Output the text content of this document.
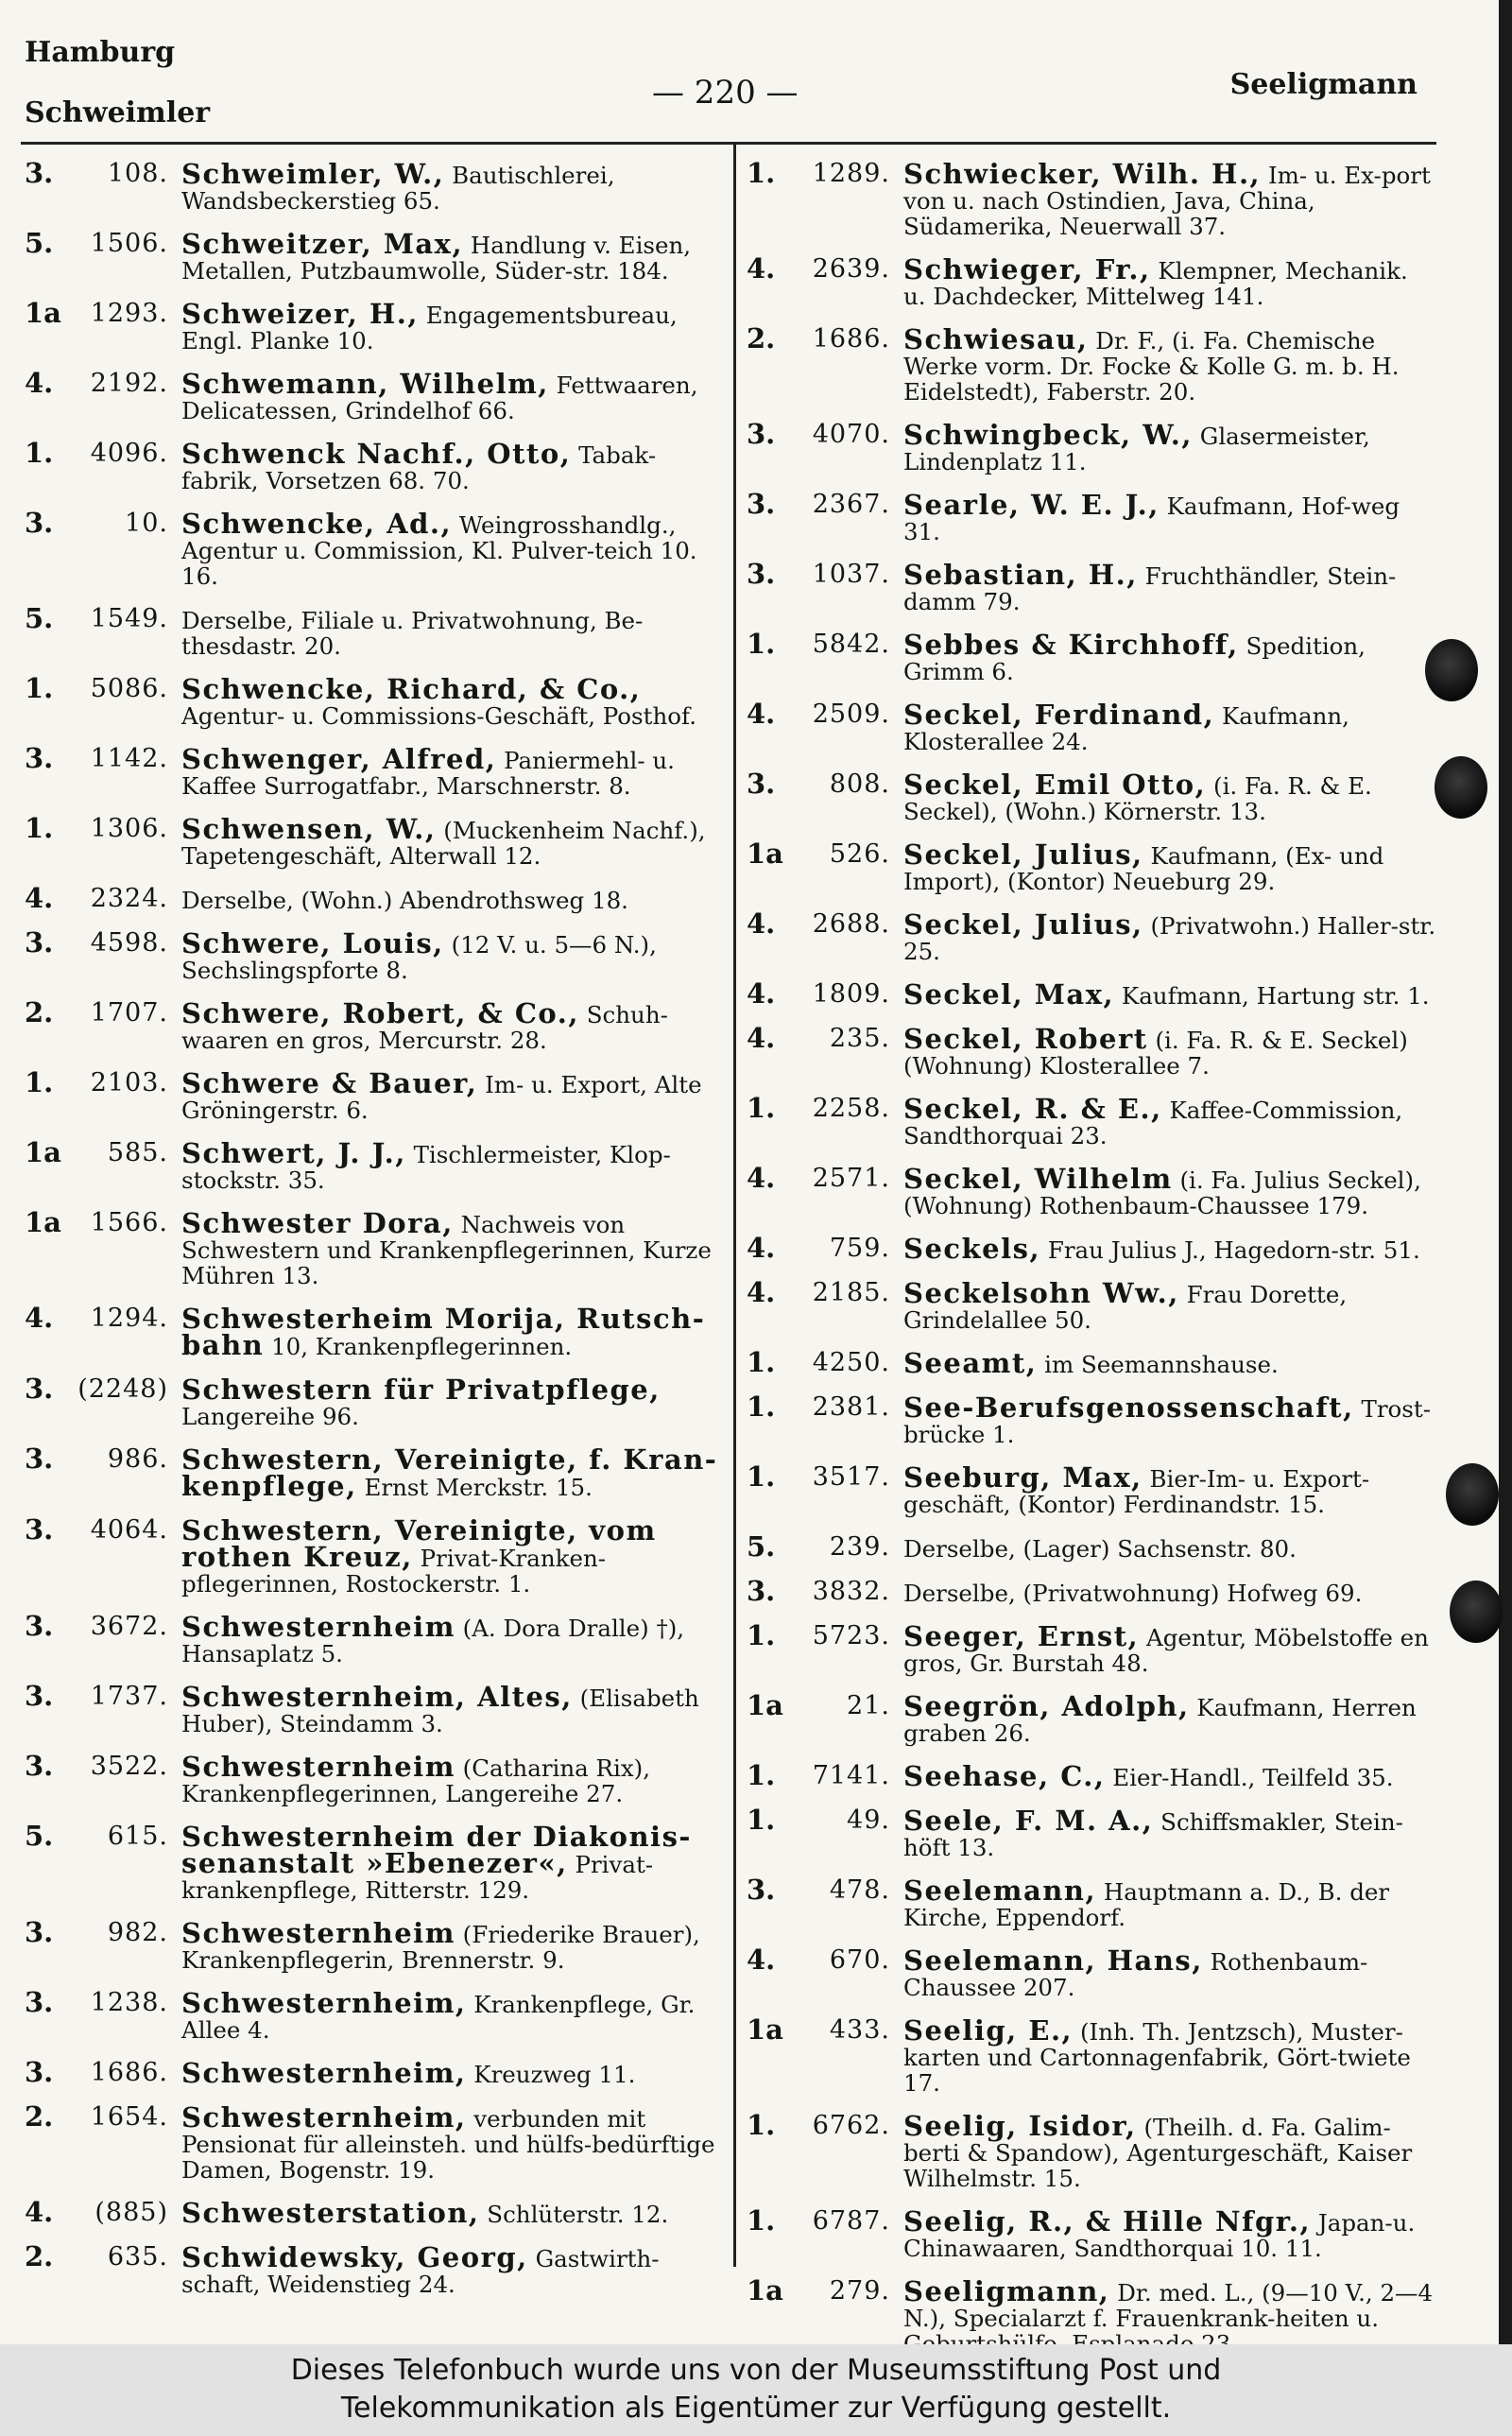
Hamburg
Schweimler
— 220 —	Seeligmann
3.	108. Schweimler, W., Bautischlerei, Wandsbeckerstieg 65.
5.	1506. Schweitzer, Max, Handlung v. Eisen, Metallen, Putzbaumwolle, Süder-str. 184.
1a	1293. Schweizer, H., Engagementsbureau, Engl. Planke 10.
4.	2192. Schwemann, Wilhelm, Fettwaaren, Delicatessen, Grindelhof 66.
1.	4096. Schwenck Nachf., Otto, Tabak-fabrik, Vorsetzen 68. 70.
3.	10. Schwencke, Ad., Weingrosshandlg., Agentur u. Commission, Kl. Pulver-teich 10. 16.
5.	1549. Derselbe, Filiale u. Privatwohnung, Be-thesdastr. 20.
1.	5086. Schwencke, Richard, & Co., Agentur- u. Commissions-Geschäft, Posthof.
3.	1142. Schwenger, Alfred, Paniermehl- u. Kaffee Surrogatfabr., Marschnerstr. 8.
1.	1306. Schwensen, W., (Muckenheim Nachf.), Tapetengeschäft, Alterwall 12.
4.	2324. Derselbe, (Wohn.) Abendrothsweg 18.
3.	4598. Schwere, Louis, (12 V. u. 5—6 N.), Sechslingspforte 8.
2.	1707. Schwere, Robert, & Co., Schuh-waaren en gros, Mercurstr. 28.
1.	2103. Schwere & Bauer, Im- u. Export, Alte Gröningerstr. 6.
1a	585. Schwert, J. J., Tischlermeister, Klop-stockstr. 35.
1a	1566. Schwester Dora, Nachweis von Schwestern und Krankenpflegerinnen, Kurze Mühren 13.
4.	1294. Schwesterheim Morija, Rutsch-bahn 10, Krankenpflegerinnen.
3. (2248) Schwestern für Privatpflege, Langereihe 96.
3.	986. Schwestern, Vereinigte, f. Kran-kenpflege, Ernst Merckstr. 15.
3.	4064. Schwestern, Vereinigte, vom rothen Kreuz, Privat-Kranken-pflegerinnen, Rostockerstr. 1.
3.	3672. Schwesternheim (A. Dora Dralle) †), Hansaplatz 5.
3.	1737. Schwesternheim, Altes, (Elisabeth Huber), Steindamm 3.
3.	3522. Schwesternheim (Catharina Rix), Krankenpflegerinnen, Langereihe 27.
5.	615. Schwesternheim der Diakonis-senanstalt »Ebenezer«, Privat-krankenpflege, Ritterstr. 129.
3.	982. Schwesternheim (Friederike Brauer), Krankenpflegerin, Brennerstr. 9.
3.	1238. Schwesternheim, Krankenpflege, Gr. Allee 4.
3.	1686. Schwesternheim, Kreuzweg 11.
2.	1654. Schwesternheim, verbunden mit Pensionat für alleinsteh. und hülfs-bedürftige Damen, Bogenstr. 19.
4.	(885) Schwesterstation, Schlüterstr. 12.
2.	635. Schwidewsky, Georg, Gastwirth-schaft, Weidenstieg 24.
1.	1289. Schwiecker, Wilh. H., Im- u. Ex-port von u. nach Ostindien, Java, China, Südamerika, Neuerwall 37.
4.	2639. Schwieger, Fr., Klempner, Mechanik. u. Dachdecker, Mittelweg 141.
2.	1686. Schwiesau, Dr. F., (i. Fa. Chemische Werke vorm. Dr. Focke & Kolle G. m. b. H. Eidelstedt), Faberstr. 20.
3.	4070. Schwingbeck, W., Glasermeister, Lindenplatz 11.
3.	2367. Searle, W. E. J., Kaufmann, Hof-weg 31.
3.	1037. Sebastian, H., Fruchthändler, Stein-damm 79.
1.	5842. Sebbes & Kirchhoff, Spedition, Grimm 6.
4.	2509. Seckel, Ferdinand, Kaufmann, Klosterallee 24.
3.	808. Seckel, Emil Otto, (i. Fa. R. & E. Seckel), (Wohn.) Körnerstr. 13.
1a	526. Seckel, Julius, Kaufmann, (Ex- und Import), (Kontor) Neueburg 29.
4.	2688. Seckel, Julius, (Privatwohn.) Haller-str. 25.
4.	1809. Seckel, Max, Kaufmann, Hartung str. 1.
4.	235. Seckel, Robert (i. Fa. R. & E. Seckel) (Wohnung) Klosterallee 7.
1.	2258. Seckel, R. & E., Kaffee-Commission, Sandthorquai 23.
4.	2571. Seckel, Wilhelm (i. Fa. Julius Seckel), (Wohnung) Rothenbaum-Chaussee 179.
4.	759. Seckels, Frau Julius J., Hagedorn-str. 51.
4.	2185. Seckelsohn Ww., Frau Dorette, Grindelallee 50.
1.	4250. Seeamt, im Seemannshause.
1.	2381. See-Berufsgenossenschaft, Trost-brücke 1.
1.	3517. Seeburg, Max, Bier-Im- u. Export-geschäft, (Kontor) Ferdinandstr. 15.
5.	239. Derselbe, (Lager) Sachsenstr. 80.
3.	3832. Derselbe, (Privatwohnung) Hofweg 69.
1.	5723. Seeger, Ernst, Agentur, Möbelstoffe en gros, Gr. Burstah 48.
1a	21. Seegrön, Adolph, Kaufmann, Herren graben 26.
1.	7141. Seehase, C., Eier-Handl., Teilfeld 35.
1.	49. Seele, F. M. A., Schiffsmakler, Stein-höft 13.
3.	478. Seelemann, Hauptmann a. D., B. der Kirche, Eppendorf.
4.	670. Seelemann, Hans, Rothenbaum-Chaussee 207.
1a	433. Seelig, E., (Inh. Th. Jentzsch), Muster-karten und Cartonnagenfabrik, Gört-twiete 17.
1.	6762. Seelig, Isidor, (Theilh. d. Fa. Galim-berti & Spandow), Agenturgeschäft, Kaiser Wilhelmstr. 15.
1.	6787. Seelig, R., & Hille Nfgr., Japan-u. Chinawaaren, Sandthorquai 10. 11.
1a	279. Seeligmann, Dr. med. L., (9—10 V., 2—4 N.), Specialarzt f. Frauenkrank-heiten u.
Dieses Telefonbuch wurde uns von der Museumsstiftung Post und
Telekommunikation als Eigentümer zur Verfügung gestellt.
